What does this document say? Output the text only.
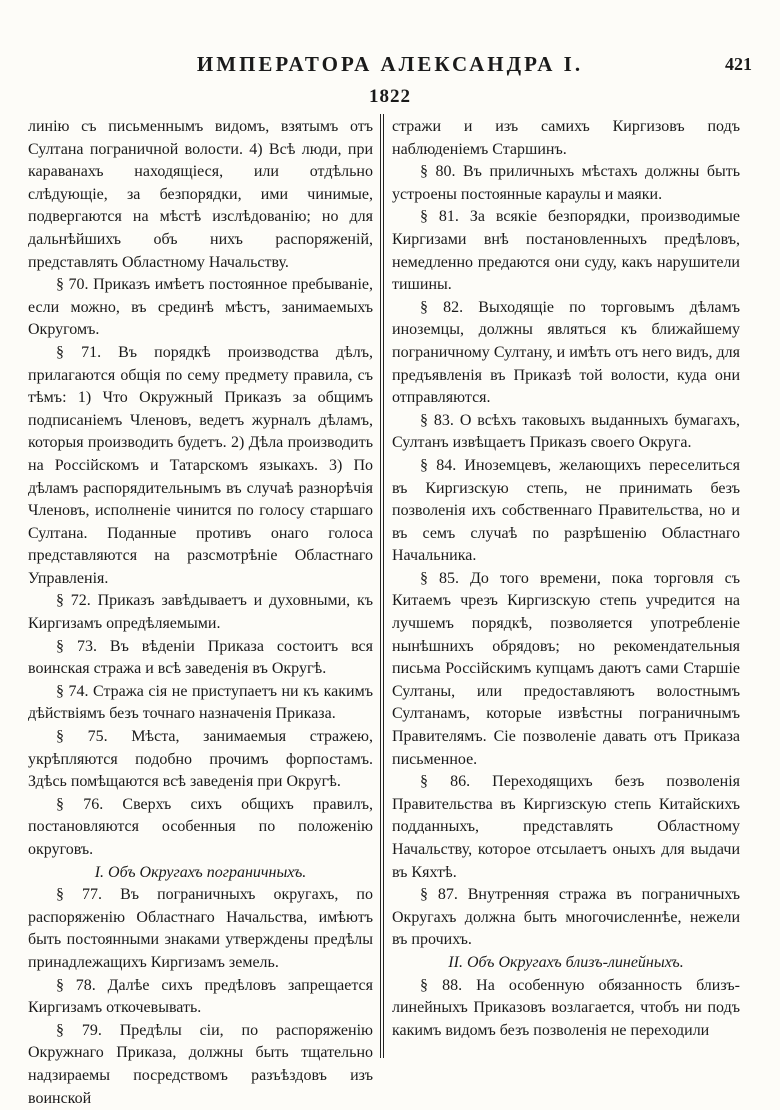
ИМПЕРАТОРА АЛЕКСАНДРА I.	421
1822

линію съ письменнымъ видомъ, взятымъ отъ Султана пограничной волости. 4) Всѣ люди, при караванахъ находящіеся, или отдѣльно слѣдующіе, за безпорядки, ими чинимые, подвергаются на мѣстѣ изслѣдованію; но для дальнѣйшихъ объ нихъ распоряженій, представлять Областному Начальству.

§ 70. Приказъ имѣетъ постоянное пребываніе, если можно, въ срединѣ мѣстъ, занимаемыхъ Округомъ.

§ 71. Въ порядкѣ производства дѣлъ, прилагаются общія по сему предмету правила, съ тѣмъ: 1) Что Окружный Приказъ за общимъ подписаніемъ Членовъ, ведетъ журналъ дѣламъ, которыя производить будетъ. 2) Дѣла производить на Россійскомъ и Татарскомъ языкахъ. 3) По дѣламъ распорядительнымъ въ случаѣ разнорѣчія Членовъ, исполненіе чинится по голосу старшаго Султана. Поданные противъ онаго голоса представляются на разсмотрѣніе Областнаго Управленія.

§ 72. Приказъ завѣдываетъ и духовными, къ Киргизамъ опредѣляемыми.

§ 73. Въ вѣденіи Приказа состоитъ вся воинская стража и всѣ заведенія въ Округѣ.

§ 74. Стража сія не приступаетъ ни къ какимъ дѣйствіямъ безъ точнаго назначенія Приказа.

§ 75. Мѣста, занимаемыя стражею, укрѣпляются подобно прочимъ форпостамъ. Здѣсь помѣщаются всѣ заведенія при Округѣ.

§ 76. Сверхъ сихъ общихъ правилъ, постановляются особенныя по положенію округовъ.

I. Объ Округахъ пограничныхъ.

§ 77. Въ пограничныхъ округахъ, по распоряженію Областнаго Начальства, имѣютъ быть постоянными знаками утверждены предѣлы принадлежащихъ Киргизамъ земель.

§ 78. Далѣе сихъ предѣловъ запрещается Киргизамъ откочевывать.

§ 79. Предѣлы сіи, по распоряженію Окружнаго Приказа, должны быть тщательно надзираемы посредствомъ разъѣздовъ изъ воинской

стражи и изъ самихъ Киргизовъ подъ наблюденіемъ Старшинъ.

§ 80. Въ приличныхъ мѣстахъ должны быть устроены постоянные караулы и маяки.

§ 81. За всякіе безпорядки, производимые Киргизами внѣ постановленныхъ предѣловъ, немедленно предаются они суду, какъ нарушители тишины.

§ 82. Выходящіе по торговымъ дѣламъ иноземцы, должны являться къ ближайшему пограничному Султану, и имѣть отъ него видъ, для предъявленія въ Приказѣ той волости, куда они отправляются.

§ 83. О всѣхъ таковыхъ выданныхъ бумагахъ, Султанъ извѣщаетъ Приказъ своего Округа.

§ 84. Иноземцевъ, желающихъ переселиться въ Киргизскую степь, не принимать безъ позволенія ихъ собственнаго Правительства, но и въ семъ случаѣ по разрѣшенію Областнаго Начальника.

§ 85. До того времени, пока торговля съ Китаемъ чрезъ Киргизскую степь учредится на лучшемъ порядкѣ, позволяется употребленіе нынѣшнихъ обрядовъ; но рекомендательныя письма Россійскимъ купцамъ даютъ сами Старшіе Султаны, или предоставляютъ волостнымъ Султанамъ, которые извѣстны пограничнымъ Правителямъ. Сіе позволеніе давать отъ Приказа письменное.

§ 86. Переходящихъ безъ позволенія Правительства въ Киргизскую степь Китайскихъ подданныхъ, представлять Областному Начальству, которое отсылаетъ оныхъ для выдачи въ Кяхтѣ.

§ 87. Внутренняя стража въ пограничныхъ Округахъ должна быть многочисленнѣе, нежели въ прочихъ.

II. Объ Округахъ близъ-линейныхъ.

§ 88. На особенную обязанность близъ-линейныхъ Приказовъ возлагается, чтобъ ни подъ какимъ видомъ безъ позволенія не переходили
